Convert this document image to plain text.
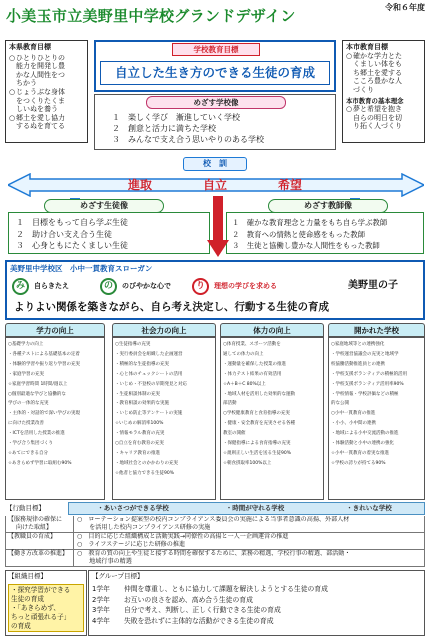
小美玉市立美野里中学校グランドデザイン	令和６年度
本県教育目標
○ひとりひとりの
能力を開発し豊
かな人間性をつ
ちかう
○じょうぶな身体
をつくりたくま
しいぬを養う
○郷土を愛し協力
するぬを育てる
本市教育目標
○確かな学力とた
くましい体をも
ち郷土を愛する
こころ豊かな人
づくり
本市教育の基本理念
○夢と希望を抱き
自らの明日を切
り拓く人づくり
学校教育目標
自立した生き方のできる生徒の育成
めざす学校像
１　楽しく学び　漸進していく学校
２　創意と活力に満ちた学校
３　みんなで支え合う思いやりのある学校
校　訓
進取	自立	希望
めざす生徒像
１　目標をもって自ら学ぶ生徒
２　助け合い支え合う生徒
３　心身ともにたくましい生徒
めざす教師像
１　確かな教育理念と力量をもち自ら学ぶ教師
２　教育への情熱と使命感をもった教師
３　生徒と協働し豊かな人間性をもった教師
美野里中学校区　小中一貫教育スローガン
み	自らきたえ	の	のびやかな心で	り	理想の学びを求める	美野里の子
よりよい関係を築きながら、自ら考え決定し、行動する生徒の育成
学力の向上
○基礎学力の向上
・各種テストによる基礎基本の定着
・体験的学習や振り返り学習の充実
・家庭学習の充実
☆家庭学習時間 1時間/週以上
○個別最適な学びと協働的な
学びの一体的な充実
・主体的・対話的で深い学びの実現
に向けた授業改善
・ICTを活用した授業の推進
・学び合う集団づくり
☆あてにできる自分
☆あきらめず学習に取組む90%
社会力の向上
○生徒指導の充実
・実行委員会を組織した企画運営
・積極的な生徒指導の充実
・心と体のチェックシートの活用
・いじめ・不登校の早期発見と対応
・生徒相談体制の充実
・教育相談の効果的な実施
・いじめ防止等アンケートの実施
☆いじめの解消率100%
・情報モラル教育の充実
○自立を育む教育の充実
・キャリア教育の推進
・地域社会とのかかわりの充実
☆他者と協力できる生徒90%
体力の向上
○体育授業、スポーツ活動を
通しての体力の向上
・運動量を確保した授業の推進
・体力テスト結果の有効活用
☆A＋B＋C 80%以上
・地域人材を活用した効果的な運動
部活動
○学校健康教育と食育指導の充実
・健康・安全教育を充実させる各種
教室の開催
・保健指導による食育指導の充実
☆規則正しい生活を送る生徒90%
☆朝食摂取率100%以上
開かれた学校
○家庭地域等との連携強化
・学校運営協議会の充実と地域学
校協働活動推進員との連携
・学校支援ボランティアの積極的活用
・学校支援ボランティア活用率90%
・学校情報・学校評価などの積極
的な公開
○小中一貫教育の推進
・小小、小中間の連携
・地域による小中交流活動の推進
・体験活動と小中の連携の強化
☆小中一貫教育の着実な推進
☆学校の誇りが持てる90%
【行動目標】	・あいさつができる学校	・時間が守れる学校	・きれいな学校
【服務規律の確保に
向けた取組】
○　ローテーション提案型の校内コンプライアンス委員会の実施による当事者意識の高揚、外部人材
　　を活用した校内コンプライアンス研修の実施
【教職員の育成】	○　目的に応じた組織構成と活動実践→同僚性の高揚と一人一企画運営の推進
○　ライフステージに応じた研修の推進
【働き方改革の推進】	○　教育の質の向上や生徒と接する時間を確保するために、業務の精選、学校行事の精選、部活動・
　　地域行事の精選
【組織目標】
・探究学習ができる
生徒の育成
・「あきらめず、
ちっと頑張れる子」
の育成
【グループ目標】
1学年	仲間を尊重し、ともに協力して課題を解決しようとする生徒の育成
2学年	お互いの良さを認め、高め合う生徒の育成
3学年	自分で考え、判断し、正しく行動できる生徒の育成
4学年	失敗を恐れずに主体的な活動ができる生徒の育成
